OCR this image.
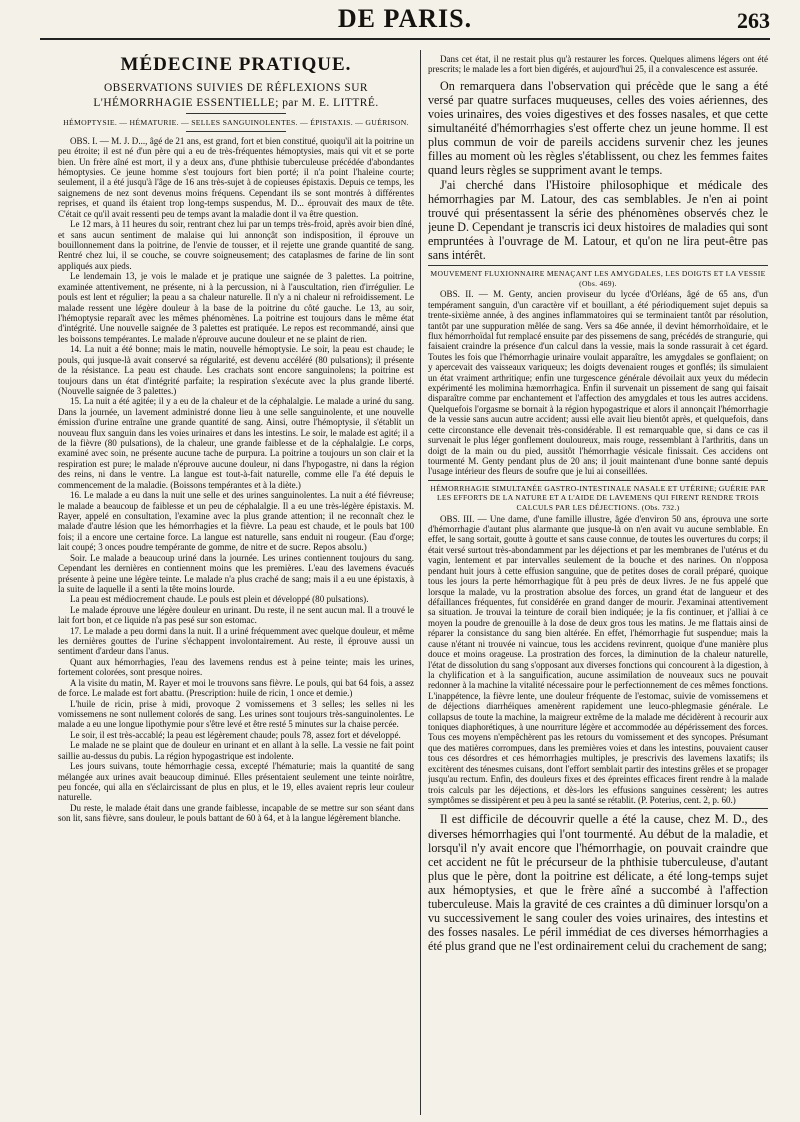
DE PARIS.	263
MÉDECINE PRATIQUE.
OBSERVATIONS SUIVIES DE RÉFLEXIONS SUR L'HÉMORRHAGIE ESSENTIELLE; par M. E. LITTRÉ.
HÉMOPTYSIE. — HÉMATURIE. — SELLES SANGUINOLENTES. — ÉPISTAXIS. — GUÉRISON.

OBS. I. — M. J. D..., âgé de 21 ans, est grand, fort et bien constitué, quoiqu'il ait la poitrine un peu étroite; il est né d'un père qui a eu de très-fréquentes hémoptysies, mais qui vit et se porte bien. Un frère aîné est mort, il y a deux ans, d'une phthisie tuberculeuse précédée d'abondantes hémoptysies. Ce jeune homme s'est toujours fort bien porté; il n'a point l'haleine courte; seulement, il a été jusqu'à l'âge de 16 ans très-sujet à de copieuses épistaxis. Depuis ce temps, les saignemens de nez sont devenus moins fréquens. Cependant ils se sont montrés à différentes reprises, et quand ils étaient trop long-temps suspendus, M. D... éprouvait des maux de tête. C'était ce qu'il avait ressenti peu de temps avant la maladie dont il va être question.

Le 12 mars, à 11 heures du soir, rentrant chez lui par un temps très-froid, après avoir bien dîné, et sans aucun sentiment de malaise qui lui annonçât son indisposition, il éprouve un bouillonnement dans la poitrine, de l'envie de tousser, et il rejette une grande quantité de sang. Rentré chez lui, il se couche, se couvre soigneusement; des cataplasmes de farine de lin sont appliqués aux pieds.

Le lendemain 13, je vois le malade et je pratique une saignée de 3 palettes. La poitrine, examinée attentivement, ne présente, ni à la percussion, ni à l'auscultation, rien d'irrégulier. Le pouls est lent et régulier; la peau a sa chaleur naturelle. Il n'y a ni chaleur ni refroidissement. Le malade ressent une légère douleur à la base de la poitrine du côté gauche. Le 13, au soir, l'hémoptysie reparaît avec les mêmes phénomènes. La poitrine est toujours dans le même état d'intégrité. Une nouvelle saignée de 3 palettes est pratiquée. Le repos est recommandé, ainsi que les boissons tempérantes. Le malade n'éprouve aucune douleur et ne se plaint de rien.

14. La nuit a été bonne; mais le matin, nouvelle hémoptysie. Le soir, la peau est chaude; le pouls, qui jusque-là avait conservé sa régularité, est devenu accéléré (80 pulsations); il présente de la résistance. La peau est chaude. Les crachats sont encore sanguinolens; la poitrine est toujours dans un état d'intégrité parfaite; la respiration s'exécute avec la plus grande liberté. (Nouvelle saignée de 3 palettes.)

15. La nuit a été agitée; il y a eu de la chaleur et de la céphalalgie. Le malade a uriné du sang. Dans la journée, un lavement administré donne lieu à une selle sanguinolente, et une nouvelle émission d'urine entraîne une grande quantité de sang. Ainsi, outre l'hémoptysie, il s'établit un nouveau flux sanguin dans les voies urinaires et dans les intestins. Le soir, le malade est agité; il a de la fièvre (80 pulsations), de la chaleur, une grande faiblesse et de la céphalalgie. Le corps, examiné avec soin, ne présente aucune tache de purpura. La poitrine a toujours un son clair et la respiration est pure; le malade n'éprouve aucune douleur, ni dans l'hypogastre, ni dans la région des reins, ni dans le ventre. La langue est tout-à-fait naturelle, comme elle l'a été depuis le commencement de la maladie. (Boissons tempérantes et à la diète.)

16. Le malade a eu dans la nuit une selle et des urines sanguinolentes. La nuit a été fiévreuse; le malade a beaucoup de faiblesse et un peu de céphalalgie. Il a eu une très-légère épistaxis. M. Rayer, appelé en consultation, l'examine avec la plus grande attention; il ne reconnaît chez le malade d'autre lésion que les hémorrhagies et la fièvre. La peau est chaude, et le pouls bat 100 fois; il a encore une certaine force. La langue est naturelle, sans enduit ni rougeur. (Eau d'orge; lait coupé; 3 onces poudre tempérante de gomme, de nitre et de sucre. Repos absolu.)

Soir. Le malade a beaucoup uriné dans la journée. Les urines contiennent toujours du sang. Cependant les dernières en contiennent moins que les premières. L'eau des lavemens évacués présente à peine une légère teinte. Le malade n'a plus craché de sang; mais il a eu une épistaxis, à la suite de laquelle il a senti la tête moins lourde.

La peau est médiocrement chaude. Le pouls est plein et développé (80 pulsations).

Le malade éprouve une légère douleur en urinant. Du reste, il ne sent aucun mal. Il a trouvé le lait fort bon, et ce liquide n'a pas pesé sur son estomac.

17. Le malade a peu dormi dans la nuit. Il a uriné fréquemment avec quelque douleur, et même les dernières gouttes de l'urine s'échappent involontairement. Au reste, il éprouve aussi un sentiment d'ardeur dans l'anus.

Quant aux hémorrhagies, l'eau des lavemens rendus est à peine teinte; mais les urines, fortement colorées, sont presque noires.

A la visite du matin, M. Rayer et moi le trouvons sans fièvre. Le pouls, qui bat 64 fois, a assez de force. Le malade est fort abattu. (Prescription: huile de ricin, 1 once et demie.)

L'huile de ricin, prise à midi, provoque 2 vomissemens et 3 selles; les selles ni les vomissemens ne sont nullement colorés de sang. Les urines sont toujours très-sanguinolentes. Le malade a eu une longue lipothymie pour s'être levé et être resté 5 minutes sur la chaise percée.

Le soir, il est très-accablé; la peau est légèrement chaude; pouls 78, assez fort et développé.

Le malade ne se plaint que de douleur en urinant et en allant à la selle. La vessie ne fait point saillie au-dessus du pubis. La région hypogastrique est indolente.

Les jours suivans, toute hémorrhagie cessa, excepté l'hématurie; mais la quantité de sang mélangée aux urines avait beaucoup diminué. Elles présentaient seulement une teinte noirâtre, peu foncée, qui alla en s'éclaircissant de plus en plus, et le 19, elles avaient repris leur couleur naturelle.

Du reste, le malade était dans une grande faiblesse, incapable de se mettre sur son séant dans son lit, sans fièvre, sans douleur, le pouls battant de 60 à 64, et à la langue légèrement blanche.

Dans cet état, il ne restait plus qu'à restaurer les forces. Quelques alimens légers ont été prescrits; le malade les a fort bien digérés, et aujourd'hui 25, il a convalescence est assurée.

On remarquera dans l'observation qui précède que le sang a été versé par quatre surfaces muqueuses, celles des voies aériennes, des voies urinaires, des voies digestives et des fosses nasales, et que cette simultanéité d'hémorrhagies s'est offerte chez un jeune homme. Il est plus commun de voir de pareils accidens survenir chez les jeunes filles au moment où les règles s'établissent, ou chez les femmes faites quand leurs règles se suppriment avant le temps.

J'ai cherché dans l'Histoire philosophique et médicale des hémorrhagies par M. Latour, des cas semblables. Je n'en ai point trouvé qui présentassent la série des phénomènes observés chez le jeune D. Cependant je transcris ici deux histoires de maladies qui sont empruntées à l'ouvrage de M. Latour, et qu'on ne lira peut-être pas sans intérêt.

MOUVEMENT FLUXIONNAIRE MENAÇANT LES AMYGDALES, LES DOIGTS ET LA VESSIE (Obs. 469).

OBS. II. — M. Genty, ancien proviseur du lycée d'Orléans, âgé de 65 ans, d'un tempérament sanguin, d'un caractère vif et bouillant, a été périodiquement sujet depuis sa trente-sixième année, à des angines inflammatoires qui se terminaient tantôt par résolution, tantôt par une suppuration mêlée de sang. Vers sa 46e année, il devint hémorrhoïdaire, et le flux hémorrhoïdal fut remplacé ensuite par des pissemens de sang, précédés de strangurie, qui faisaient craindre la présence d'un calcul dans la vessie, mais la sonde rassurait à cet égard. Toutes les fois que l'hémorrhagie urinaire voulait apparaître, les amygdales se gonflaient; on y apercevait des vaisseaux variqueux; les doigts devenaient rouges et gonflés; ils simulaient un état vraiment arthritique; enfin une turgescence générale dévoilait aux yeux du médecin expérimenté les molimina hæmorrhagica. Enfin il survenait un pissement de sang qui faisait disparaître comme par enchantement et l'affection des amygdales et tous les autres accidens. Quelquefois l'orgasme se bornait à la région hypogastrique et alors il annonçait l'hémorrhagie de la vessie sans aucun autre accident; aussi elle avait lieu bientôt après, et quelquefois, dans cette circonstance elle devenait très-considérable. Il est remarquable que, si dans ce cas il survenait le plus léger gonflement douloureux, mais rouge, ressemblant à l'arthritis, dans un doigt de la main ou du pied, aussitôt l'hémorrhagie vésicale finissait. Ces accidens ont tourmenté M. Genty pendant plus de 20 ans; il jouit maintenant d'une bonne santé depuis l'usage intérieur des fleurs de soufre que je lui ai conseillées.

HÉMORRHAGIE SIMULTANÉE GASTRO-INTESTINALE NASALE ET UTÉRINE; GUÉRIE PAR LES EFFORTS DE LA NATURE ET A L'AIDE DE LAVEMENS QUI FIRENT RENDRE TROIS CALCULS PAR LES DÉJECTIONS. (Obs. 732.)

OBS. III. — Une dame, d'une famille illustre, âgée d'environ 50 ans, éprouva une sorte d'hémorrhagie d'autant plus alarmante que jusque-là on n'en avait vu aucune semblable. En effet, le sang sortait, goutte à goutte et sans cause connue, de toutes les ouvertures du corps; il était versé surtout très-abondamment par les déjections et par les membranes de l'utérus et du vagin, lentement et par intervalles seulement de la bouche et des narines. On n'opposa pendant huit jours à cette effusion sanguine, que de petites doses de corail préparé, quoique tous les jours la perte hémorrhagique fût à peu près de deux livres. Je ne fus appelé que lorsque la malade, vu la prostration absolue des forces, un grand état de langueur et des défaillances fréquentes, fut considérée en grand danger de mourir. J'examinai attentivement sa situation. Je trouvai la teinture de corail bien indiquée; je la fis continuer, et j'alliai à ce moyen la poudre de grenouille à la dose de deux gros tous les matins. Je me flattais ainsi de réparer la consistance du sang bien altérée. En effet, l'hémorrhagie fut suspendue; mais la cause n'étant ni trouvée ni vaincue, tous les accidens revinrent, quoique d'une manière plus douce et moins orageuse. La prostration des forces, la diminution de la chaleur naturelle, l'état de dissolution du sang s'opposant aux diverses fonctions qui concourent à la digestion, à la chylification et à la sanguification, aucune assimilation de nouveaux sucs ne pouvait redonner à la machine la vitalité nécessaire pour le perfectionnement de ces mêmes fonctions. L'inappétence, la fièvre lente, une douleur fréquente de l'estomac, suivie de vomissemens et de déjections diarrhéiques amenèrent rapidement une leuco-phlegmasie générale. Le collapsus de toute la machine, la maigreur extrême de la malade me décidèrent à recourir aux toniques diaphorétiques, à une nourriture légère et accommodée au dépérissement des forces. Tous ces moyens n'empêchèrent pas les retours du vomissement et des syncopes. Présumant que des matières corrompues, dans les premières voies et dans les intestins, pouvaient causer tous ces désordres et ces hémorrhagies multiples, je prescrivis des lavemens laxatifs; ils excitèrent des ténesmes cuisans, dont l'effort semblait partir des intestins grêles et se propager jusqu'au rectum. Enfin, des douleurs fixes et des épreintes efficaces firent rendre à la malade trois calculs par les déjections, et dès-lors les effusions sanguines cessèrent; les autres symptômes se dissipèrent et peu à peu la santé se rétablit. (P. Poterius, cent. 2, p. 60.)

Il est difficile de découvrir quelle a été la cause, chez M. D., des diverses hémorrhagies qui l'ont tourmenté. Au début de la maladie, et lorsqu'il n'y avait encore que l'hémorrhagie, on pouvait craindre que cet accident ne fût le précurseur de la phthisie tuberculeuse, d'autant plus que le père, dont la poitrine est délicate, a été long-temps sujet aux hémoptysies, et que le frère aîné a succombé à l'affection tuberculeuse. Mais la gravité de ces craintes a dû diminuer lorsqu'on a vu successivement le sang couler des voies urinaires, des intestins et des fosses nasales. Le péril immédiat de ces diverses hémorrhagies a été plus grand que ne l'est ordinairement celui du crachement de sang;
